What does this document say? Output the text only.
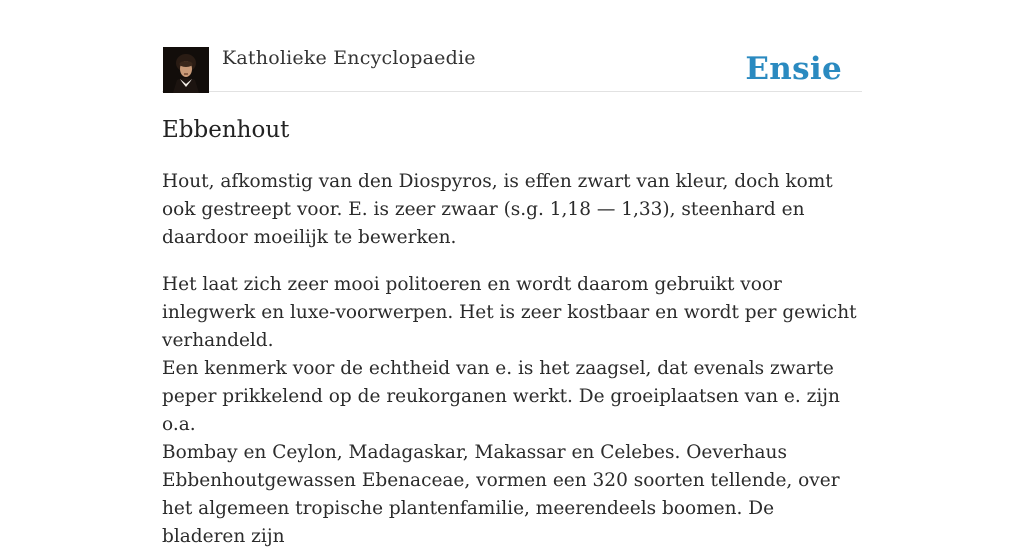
Katholieke Encyclopaedie	Ensie
Ebbenhout

Hout, afkomstig van den Diospyros, is effen zwart van kleur, doch komt ook gestreept voor. E. is zeer zwaar (s.g. 1,18 — 1,33), steenhard en daardoor moeilijk te bewerken.

Het laat zich zeer mooi politoeren en wordt daarom gebruikt voor inlegwerk en luxe-voorwerpen. Het is zeer kostbaar en wordt per gewicht verhandeld.

Een kenmerk voor de echtheid van e. is het zaagsel, dat evenals zwarte peper prikkelend op de reukorganen werkt. De groeiplaatsen van e. zijn o.a.

Bombay en Ceylon, Madagaskar, Makassar en Celebes. Oeverhaus Ebbenhoutgewassen Ebenaceae, vormen een 320 soorten tellende, over het algemeen tropische plantenfamilie, meerendeels boomen. De bladeren zijn
